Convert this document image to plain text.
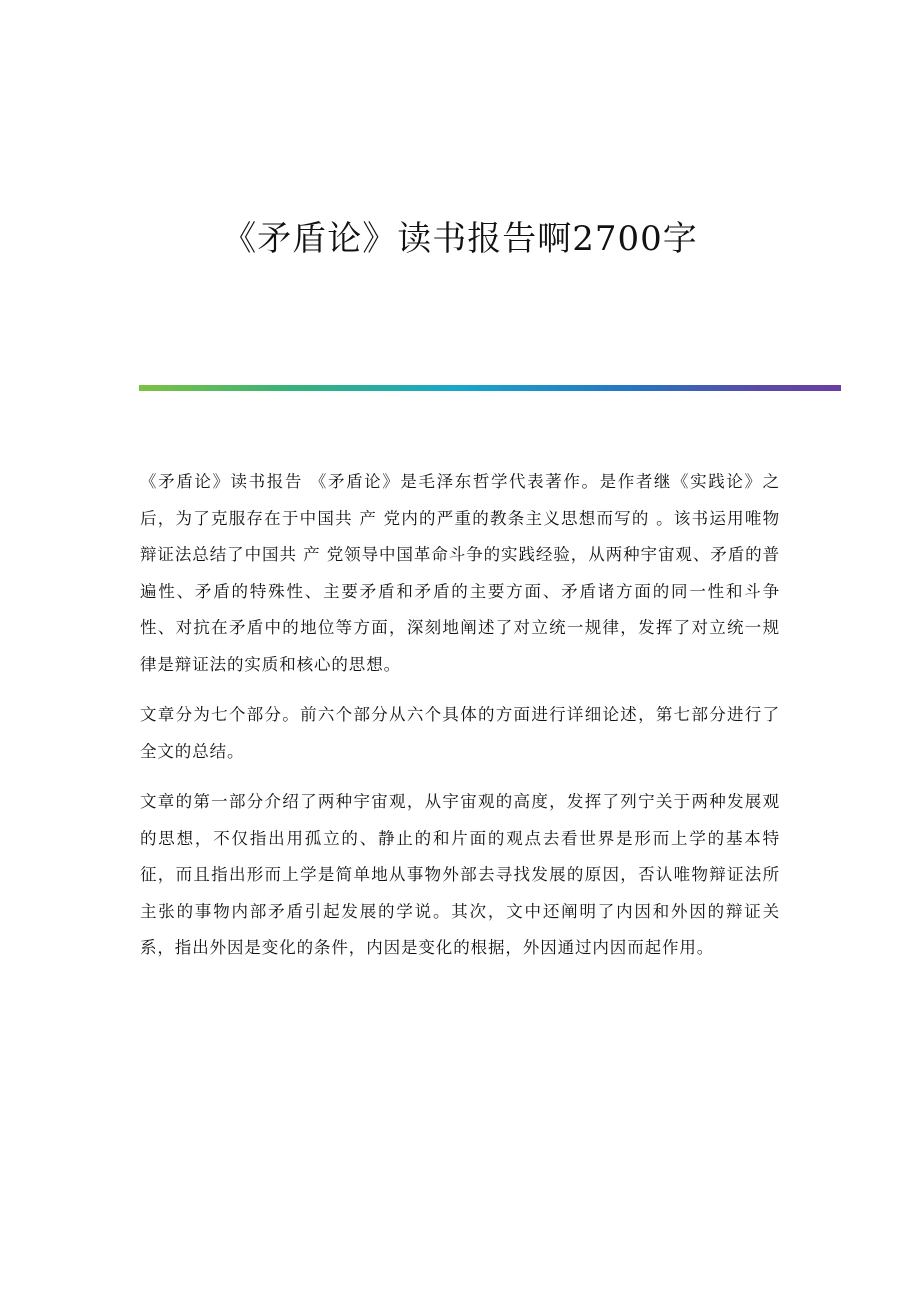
《矛盾论》读书报告啊2700字

《矛盾论》读书报告 《矛盾论》是毛泽东哲学代表著作。是作者继《实践论》之后，为了克服存在于中国共 产 党内的严重的教条主义思想而写的 。该书运用唯物辩证法总结了中国共 产 党领导中国革命斗争的实践经验，从两种宇宙观、矛盾的普遍性、矛盾的特殊性、主要矛盾和矛盾的主要方面、矛盾诸方面的同一性和斗争性、对抗在矛盾中的地位等方面，深刻地阐述了对立统一规律，发挥了对立统一规律是辩证法的实质和核心的思想。

文章分为七个部分。前六个部分从六个具体的方面进行详细论述，第七部分进行了全文的总结。

文章的第一部分介绍了两种宇宙观，从宇宙观的高度，发挥了列宁关于两种发展观的思想，不仅指出用孤立的、静止的和片面的观点去看世界是形而上学的基本特征，而且指出形而上学是简单地从事物外部去寻找发展的原因，否认唯物辩证法所主张的事物内部矛盾引起发展的学说。其次，文中还阐明了内因和外因的辩证关系，指出外因是变化的条件，内因是变化的根据，外因通过内因而起作用。
